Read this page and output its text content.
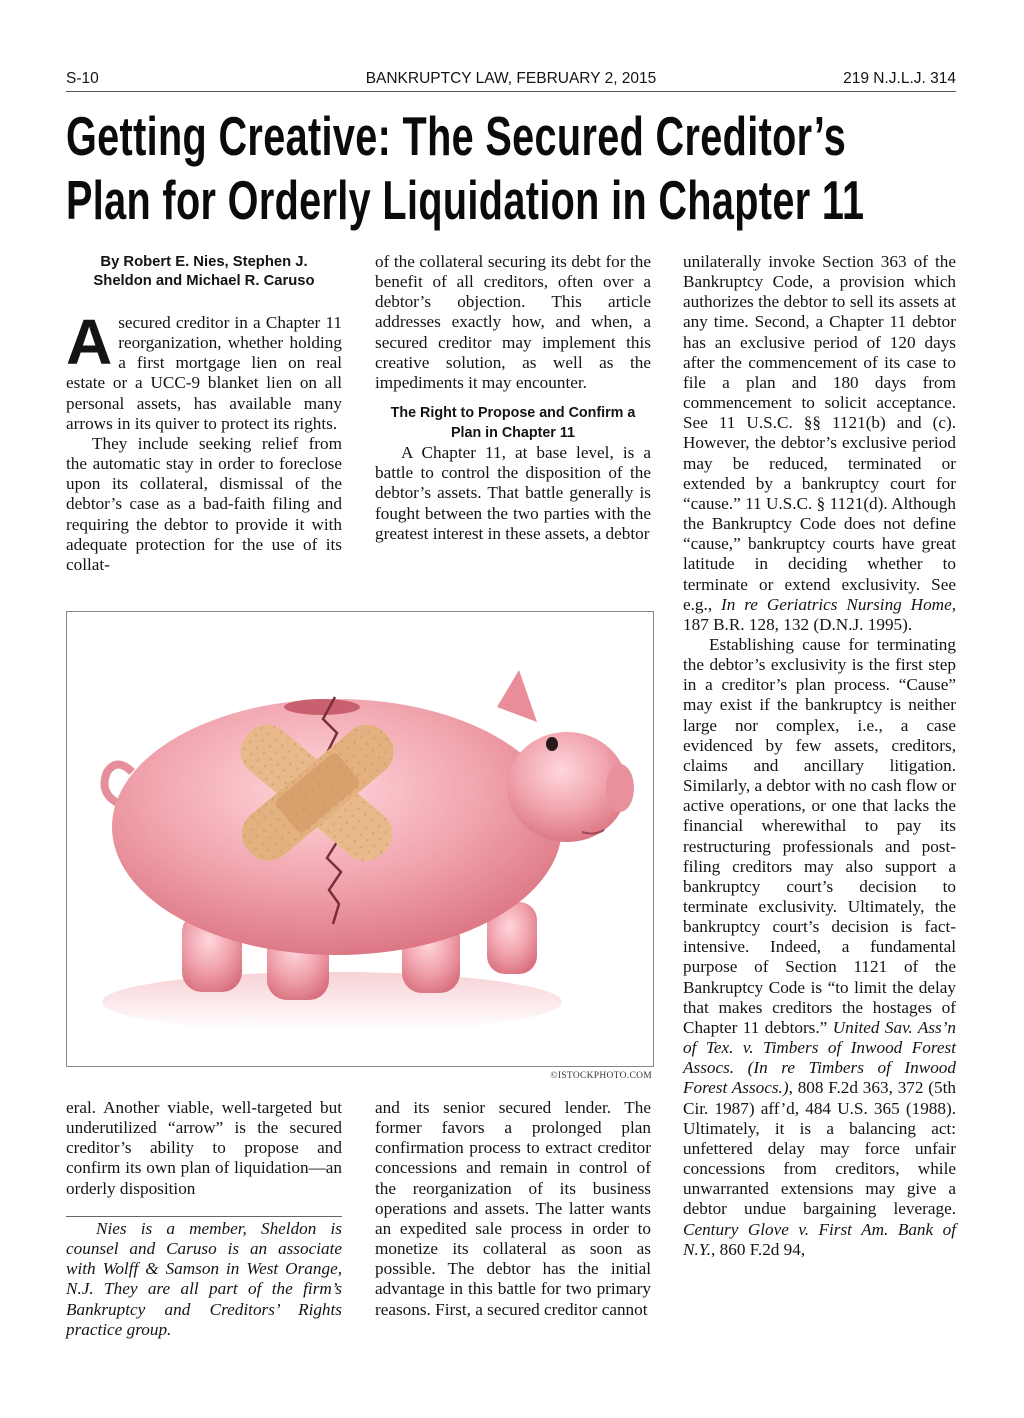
S-10	BANKRUPTCY LAW, FEBRUARY 2, 2015	219 N.J.L.J. 314
Getting Creative: The Secured Creditor’s
Plan for Orderly Liquidation in Chapter 11
By Robert E. Nies, Stephen J.
Sheldon and Michael R. Caruso

Asecured creditor in a Chapter 11 reorganization, whether holding a first mortgage lien on real estate or a UCC-9 blanket lien on all personal assets, has available many arrows in its quiver to protect its rights.

They include seeking relief from the automatic stay in order to foreclose upon its collateral, dismissal of the debtor’s case as a bad-faith filing and requiring the debtor to provide it with adequate protection for the use of its collat-

of the collateral securing its debt for the benefit of all creditors, often over a debtor’s objection. This article addresses exactly how, and when, a secured creditor may implement this creative solution, as well as the impediments it may encounter.

The Right to Propose and Confirm a
Plan in Chapter 11

A Chapter 11, at base level, is a battle to control the disposition of the debtor’s assets. That battle generally is fought between the two parties with the greatest interest in these assets, a debtor

©ISTOCKPHOTO.COM

eral. Another viable, well-targeted but underutilized “arrow” is the secured creditor’s ability to propose and confirm its own plan of liquidation—an orderly disposition

Nies is a member, Sheldon is counsel and Caruso is an associate with Wolff & Samson in West Orange, N.J. They are all part of the firm’s Bankruptcy and Creditors’ Rights practice group.

and its senior secured lender. The former favors a prolonged plan confirmation process to extract creditor concessions and remain in control of the reorganization of its business operations and assets. The latter wants an expedited sale process in order to monetize its collateral as soon as possible. The debtor has the initial advantage in this battle for two primary reasons. First, a secured creditor cannot

unilaterally invoke Section 363 of the Bankruptcy Code, a provision which authorizes the debtor to sell its assets at any time. Second, a Chapter 11 debtor has an exclusive period of 120 days after the commencement of its case to file a plan and 180 days from commencement to solicit acceptance. See 11 U.S.C. §§ 1121(b) and (c). However, the debtor’s exclusive period may be reduced, terminated or extended by a bankruptcy court for “cause.” 11 U.S.C. § 1121(d). Although the Bankruptcy Code does not define “cause,” bankruptcy courts have great latitude in deciding whether to terminate or extend exclusivity. See e.g., In re Geriatrics Nursing Home, 187 B.R. 128, 132 (D.N.J. 1995).

Establishing cause for terminating the debtor’s exclusivity is the first step in a creditor’s plan process. “Cause” may exist if the bankruptcy is neither large nor complex, i.e., a case evidenced by few assets, creditors, claims and ancillary litigation. Similarly, a debtor with no cash flow or active operations, or one that lacks the financial wherewithal to pay its restructuring professionals and post-filing creditors may also support a bankruptcy court’s decision to terminate exclusivity. Ultimately, the bankruptcy court’s decision is fact-intensive. Indeed, a fundamental purpose of Section 1121 of the Bankruptcy Code is “to limit the delay that makes creditors the hostages of Chapter 11 debtors.” United Sav. Ass’n of Tex. v. Timbers of Inwood Forest Assocs. (In re Timbers of Inwood Forest Assocs.), 808 F.2d 363, 372 (5th Cir. 1987) aff’d, 484 U.S. 365 (1988). Ultimately, it is a balancing act: unfettered delay may force unfair concessions from creditors, while unwarranted extensions may give a debtor undue bargaining leverage. Century Glove v. First Am. Bank of N.Y., 860 F.2d 94,
